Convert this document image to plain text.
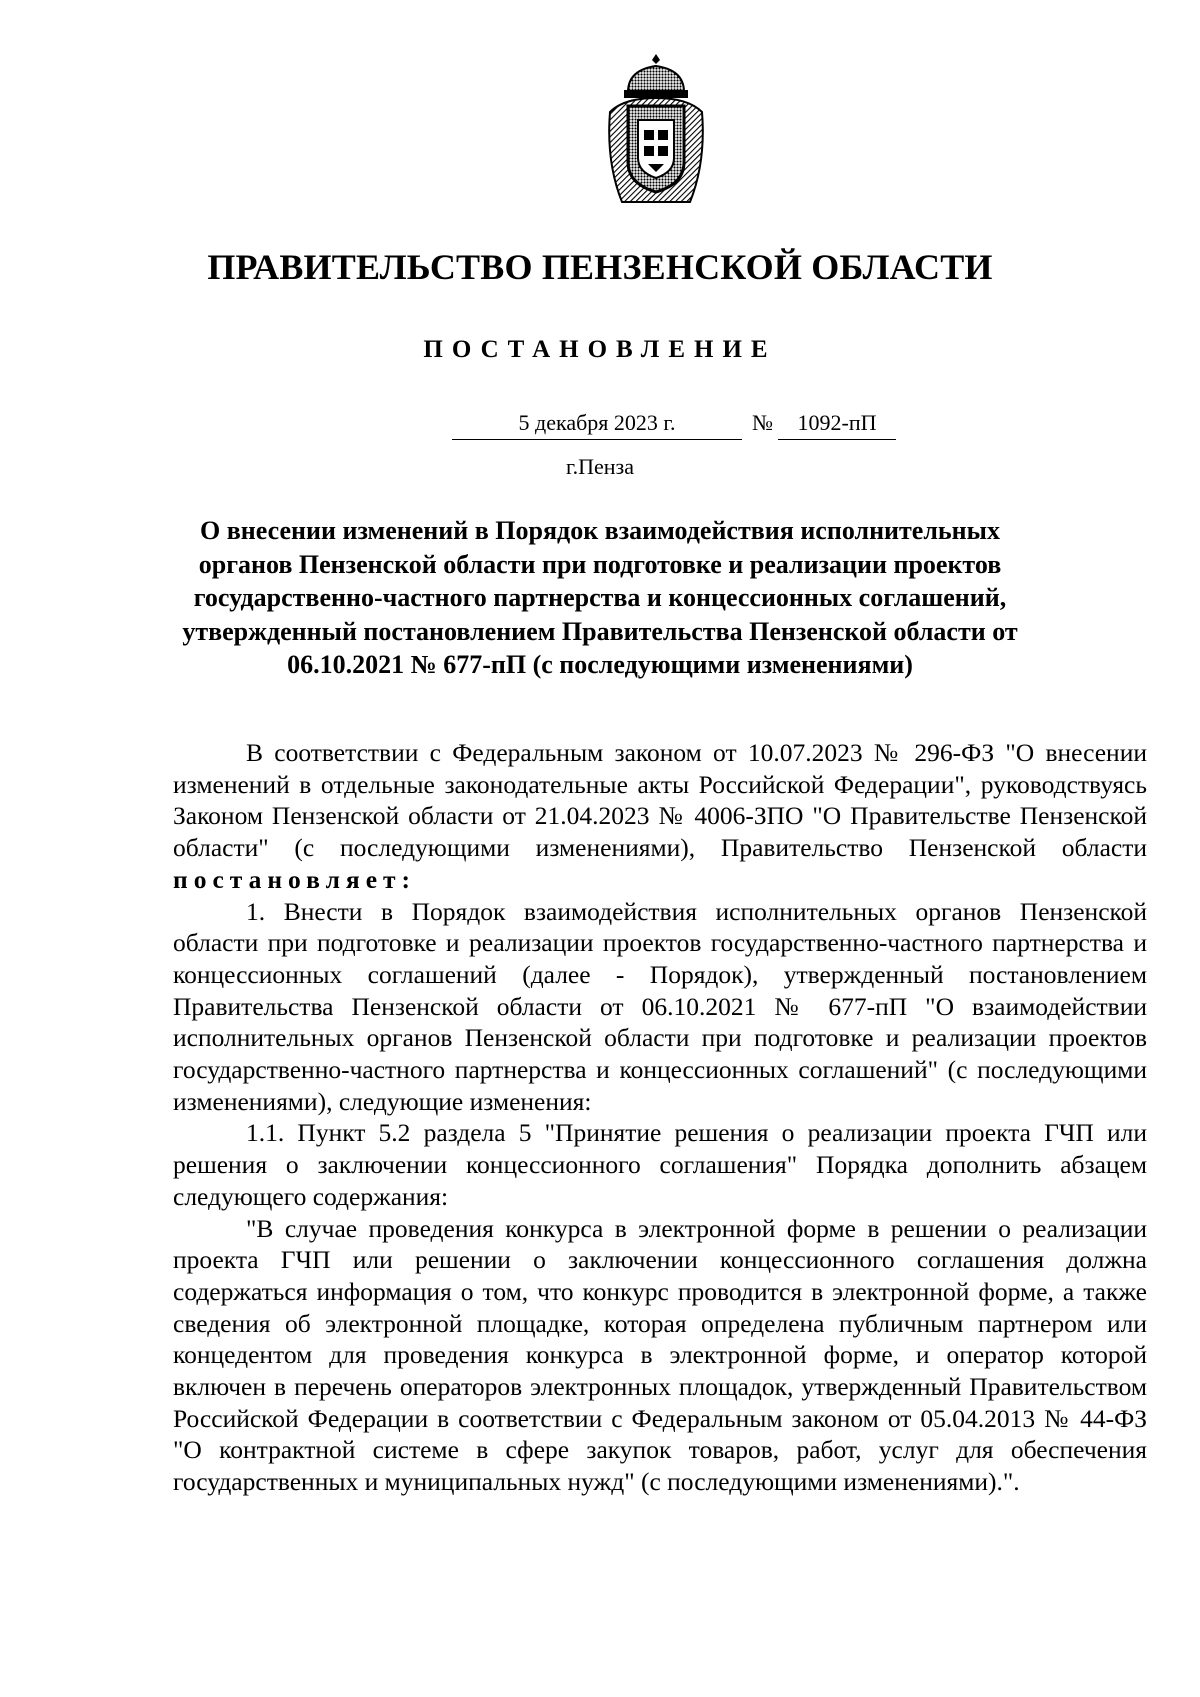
ПРАВИТЕЛЬСТВО ПЕНЗЕНСКОЙ ОБЛАСТИ
ПОСТАНОВЛЕНИЕ
5 декабря 2023 г.	№	1092-пП
г.Пенза
О внесении изменений в Порядок взаимодействия исполнительных органов Пензенской области при подготовке и реализации проектов государственно-частного партнерства и концессионных соглашений, утвержденный постановлением Правительства Пензенской области от 06.10.2021 № 677-пП (с последующими изменениями)

В соответствии с Федеральным законом от 10.07.2023 № 296-ФЗ "О внесении изменений в отдельные законодательные акты Российской Федерации", руководствуясь Законом Пензенской области от 21.04.2023 № 4006-ЗПО "О Правительстве Пензенской области" (с последующими изменениями), Правительство Пензенской области постановляет:

1. Внести в Порядок взаимодействия исполнительных органов Пензенской области при подготовке и реализации проектов государственно-частного партнерства и концессионных соглашений (далее - Порядок), утвержденный постановлением Правительства Пензенской области от 06.10.2021 № 677-пП "О взаимодействии исполнительных органов Пензенской области при подготовке и реализации проектов государственно-частного партнерства и концессионных соглашений" (с последующими изменениями), следующие изменения:

1.1. Пункт 5.2 раздела 5 "Принятие решения о реализации проекта ГЧП или решения о заключении концессионного соглашения" Порядка дополнить абзацем следующего содержания:

"В случае проведения конкурса в электронной форме в решении о реализации проекта ГЧП или решении о заключении концессионного соглашения должна содержаться информация о том, что конкурс проводится в электронной форме, а также сведения об электронной площадке, которая определена публичным партнером или концедентом для проведения конкурса в электронной форме, и оператор которой включен в перечень операторов электронных площадок, утвержденный Правительством Российской Федерации в соответствии с Федеральным законом от 05.04.2013 № 44-ФЗ "О контрактной системе в сфере закупок товаров, работ, услуг для обеспечения государственных и муниципальных нужд" (с последующими изменениями).".
